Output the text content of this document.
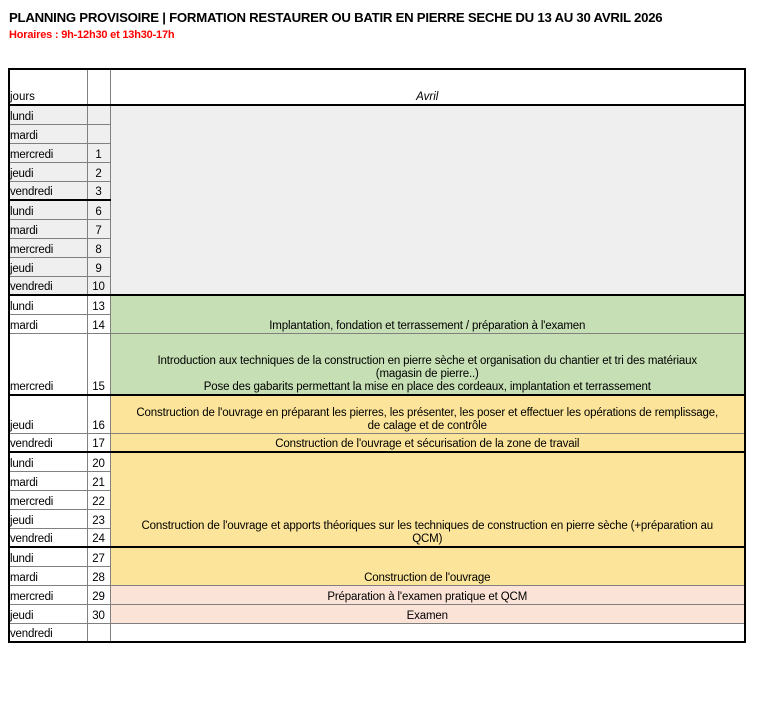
PLANNING PROVISOIRE | FORMATION RESTAURER OU BATIR EN PIERRE SECHE DU 13 AU 30 AVRIL 2026
Horaires : 9h-12h30 et 13h30-17h
jours		Avril
lundi		
mardi		
mercredi	1	
jeudi	2	
vendredi	3	
lundi	6	
mardi	7	
mercredi	8	
jeudi	9	
vendredi	10	
lundi	13	Implantation, fondation et terrassement / préparation à l'examen
mardi	14	
mercredi	15	Introduction aux techniques de la construction en pierre sèche et organisation du chantier et tri des matériaux
(magasin de pierre..)
Pose des gabarits permettant la mise en place des cordeaux, implantation et terrassement

jeudi	16	Construction de l'ouvrage en préparant les pierres, les présenter, les poser et effectuer les opérations de remplissage,
de calage et de contrôle

vendredi	17	Construction de l'ouvrage et sécurisation de la zone de travail
lundi	20	Construction de l'ouvrage et apports théoriques sur les techniques de construction en pierre sèche (+préparation au
QCM)

mardi	21	
mercredi	22	
jeudi	23	
vendredi	24	
lundi	27	Construction de l'ouvrage
mardi	28	
mercredi	29	Préparation à l'examen pratique et QCM
jeudi	30	Examen
vendredi		
